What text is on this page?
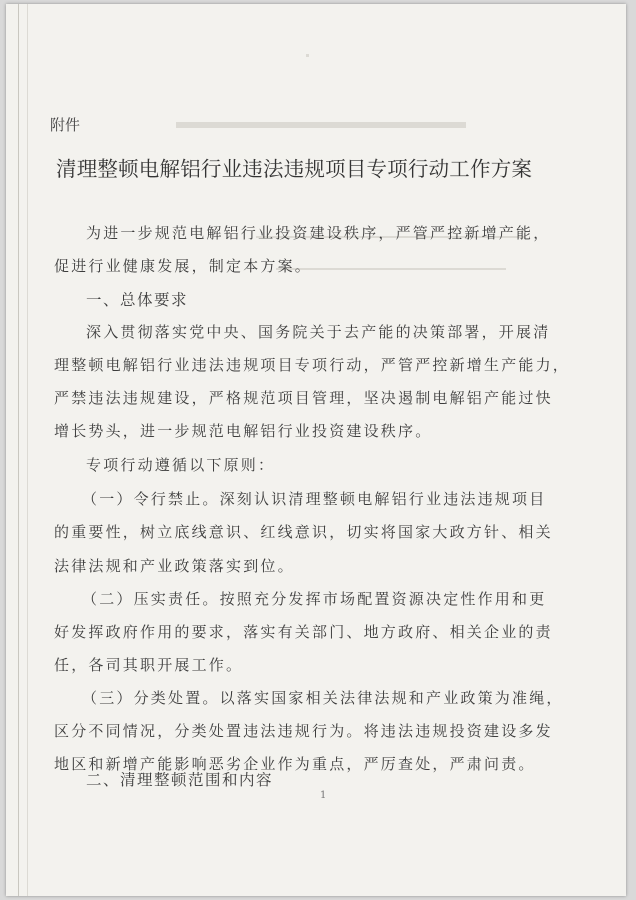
附件
清理整顿电解铝行业违法违规项目专项行动工作方案
为进一步规范电解铝行业投资建设秩序，严管严控新增产能，
促进行业健康发展，制定本方案。
一、总体要求
深入贯彻落实党中央、国务院关于去产能的决策部署，开展清
理整顿电解铝行业违法违规项目专项行动，严管严控新增生产能力，
严禁违法违规建设，严格规范项目管理，坚决遏制电解铝产能过快
增长势头，进一步规范电解铝行业投资建设秩序。
专项行动遵循以下原则：
（一）令行禁止。深刻认识清理整顿电解铝行业违法违规项目
的重要性，树立底线意识、红线意识，切实将国家大政方针、相关
法律法规和产业政策落实到位。
（二）压实责任。按照充分发挥市场配置资源决定性作用和更
好发挥政府作用的要求，落实有关部门、地方政府、相关企业的责
任，各司其职开展工作。
（三）分类处置。以落实国家相关法律法规和产业政策为准绳，
区分不同情况，分类处置违法违规行为。将违法违规投资建设多发
地区和新增产能影响恶劣企业作为重点，严厉查处，严肃问责。
二、清理整顿范围和内容
1
